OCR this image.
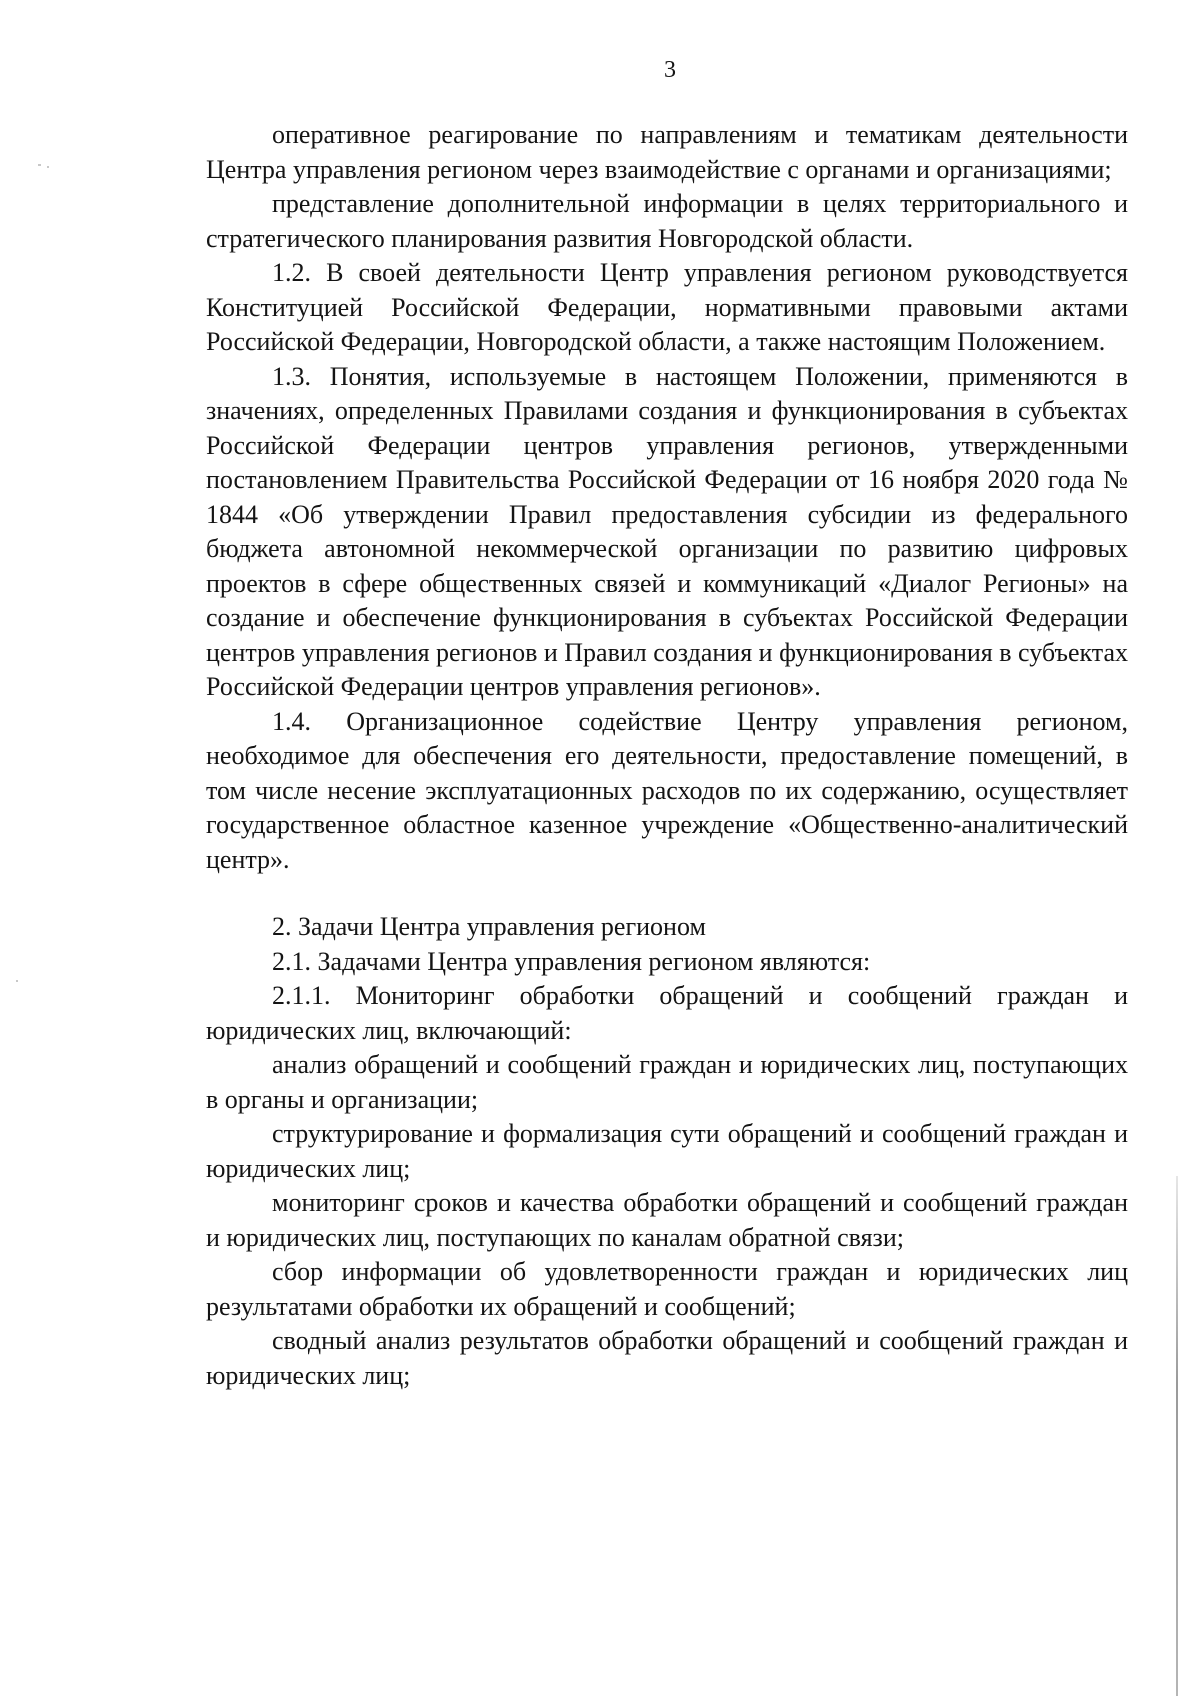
3

оперативное реагирование по направлениям и тематикам деятельности Центра управления регионом через взаимодействие с органами и организациями;

представление дополнительной информации в целях территориального и стратегического планирования развития Новгородской области.

1.2. В своей деятельности Центр управления регионом руководствуется Конституцией Российской Федерации, нормативными правовыми актами Российской Федерации, Новгородской области, а также настоящим Положением.

1.3. Понятия, используемые в настоящем Положении, применяются в значениях, определенных Правилами создания и функционирования в субъектах Российской Федерации центров управления регионов, утвержденными постановлением Правительства Российской Федерации от 16 ноября 2020 года № 1844 «Об утверждении Правил предоставления субсидии из федерального бюджета автономной некоммерческой организации по развитию цифровых проектов в сфере общественных связей и коммуникаций «Диалог Регионы» на создание и обеспечение функционирования в субъектах Российской Федерации центров управления регионов и Правил создания и функционирования в субъектах Российской Федерации центров управления регионов».

1.4. Организационное содействие Центру управления регионом, необходимое для обеспечения его деятельности, предоставление помещений, в том числе несение эксплуатационных расходов по их содержанию, осуществляет государственное областное казенное учреждение «Общественно-аналитический центр».

2. Задачи Центра управления регионом

2.1. Задачами Центра управления регионом являются:

2.1.1. Мониторинг обработки обращений и сообщений граждан и юридических лиц, включающий:

анализ обращений и сообщений граждан и юридических лиц, поступающих в органы и организации;

структурирование и формализация сути обращений и сообщений граждан и юридических лиц;

мониторинг сроков и качества обработки обращений и сообщений граждан и юридических лиц, поступающих по каналам обратной связи;

сбор информации об удовлетворенности граждан и юридических лиц результатами обработки их обращений и сообщений;

сводный анализ результатов обработки обращений и сообщений граждан и юридических лиц;
